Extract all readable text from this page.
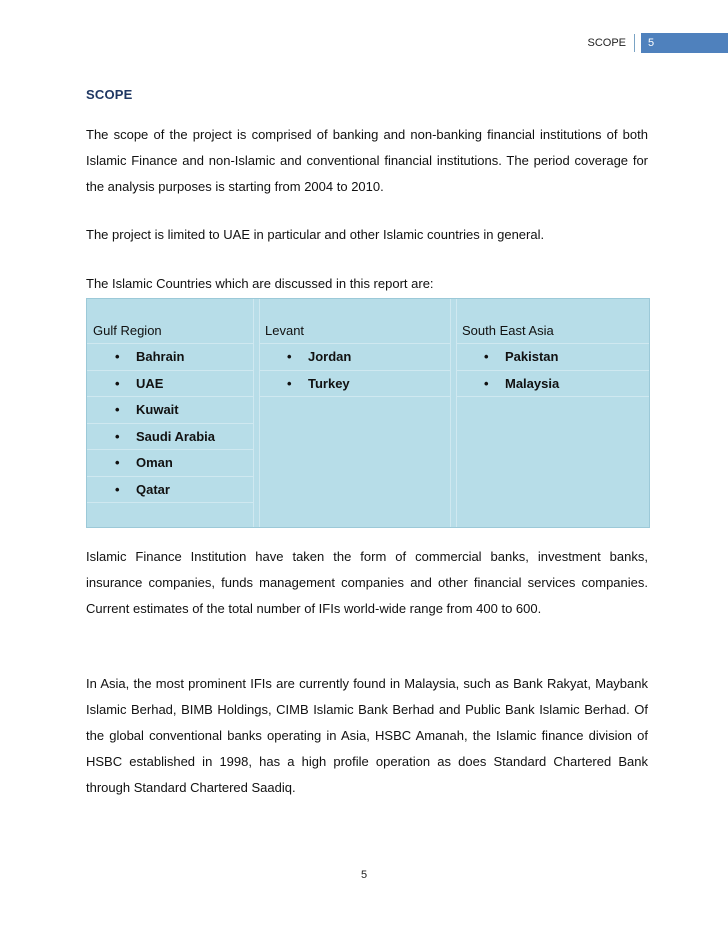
SCOPE	5
SCOPE
The scope of the project is comprised of banking and non-banking financial institutions of both Islamic Finance and non-Islamic and conventional financial institutions. The period coverage for the analysis purposes is starting from 2004 to 2010.
The project is limited to UAE in particular and other Islamic countries in general.
The Islamic Countries which are discussed in this report are:
Gulf Region
• Bahrain
• UAE
• Kuwait
• Saudi Arabia
• Oman
• Qatar
Levant
• Jordan
• Turkey
South East Asia
• Pakistan
• Malaysia
Islamic Finance Institution have taken the form of commercial banks, investment banks, insurance companies, funds management companies and other financial services companies. Current estimates of the total number of IFIs world-wide range from 400 to 600.
In Asia, the most prominent IFIs are currently found in Malaysia, such as Bank Rakyat, Maybank Islamic Berhad, BIMB Holdings, CIMB Islamic Bank Berhad and Public Bank Islamic Berhad. Of the global conventional banks operating in Asia, HSBC Amanah, the Islamic finance division of HSBC established in 1998, has a high profile operation as does Standard Chartered Bank through Standard Chartered Saadiq.
5
